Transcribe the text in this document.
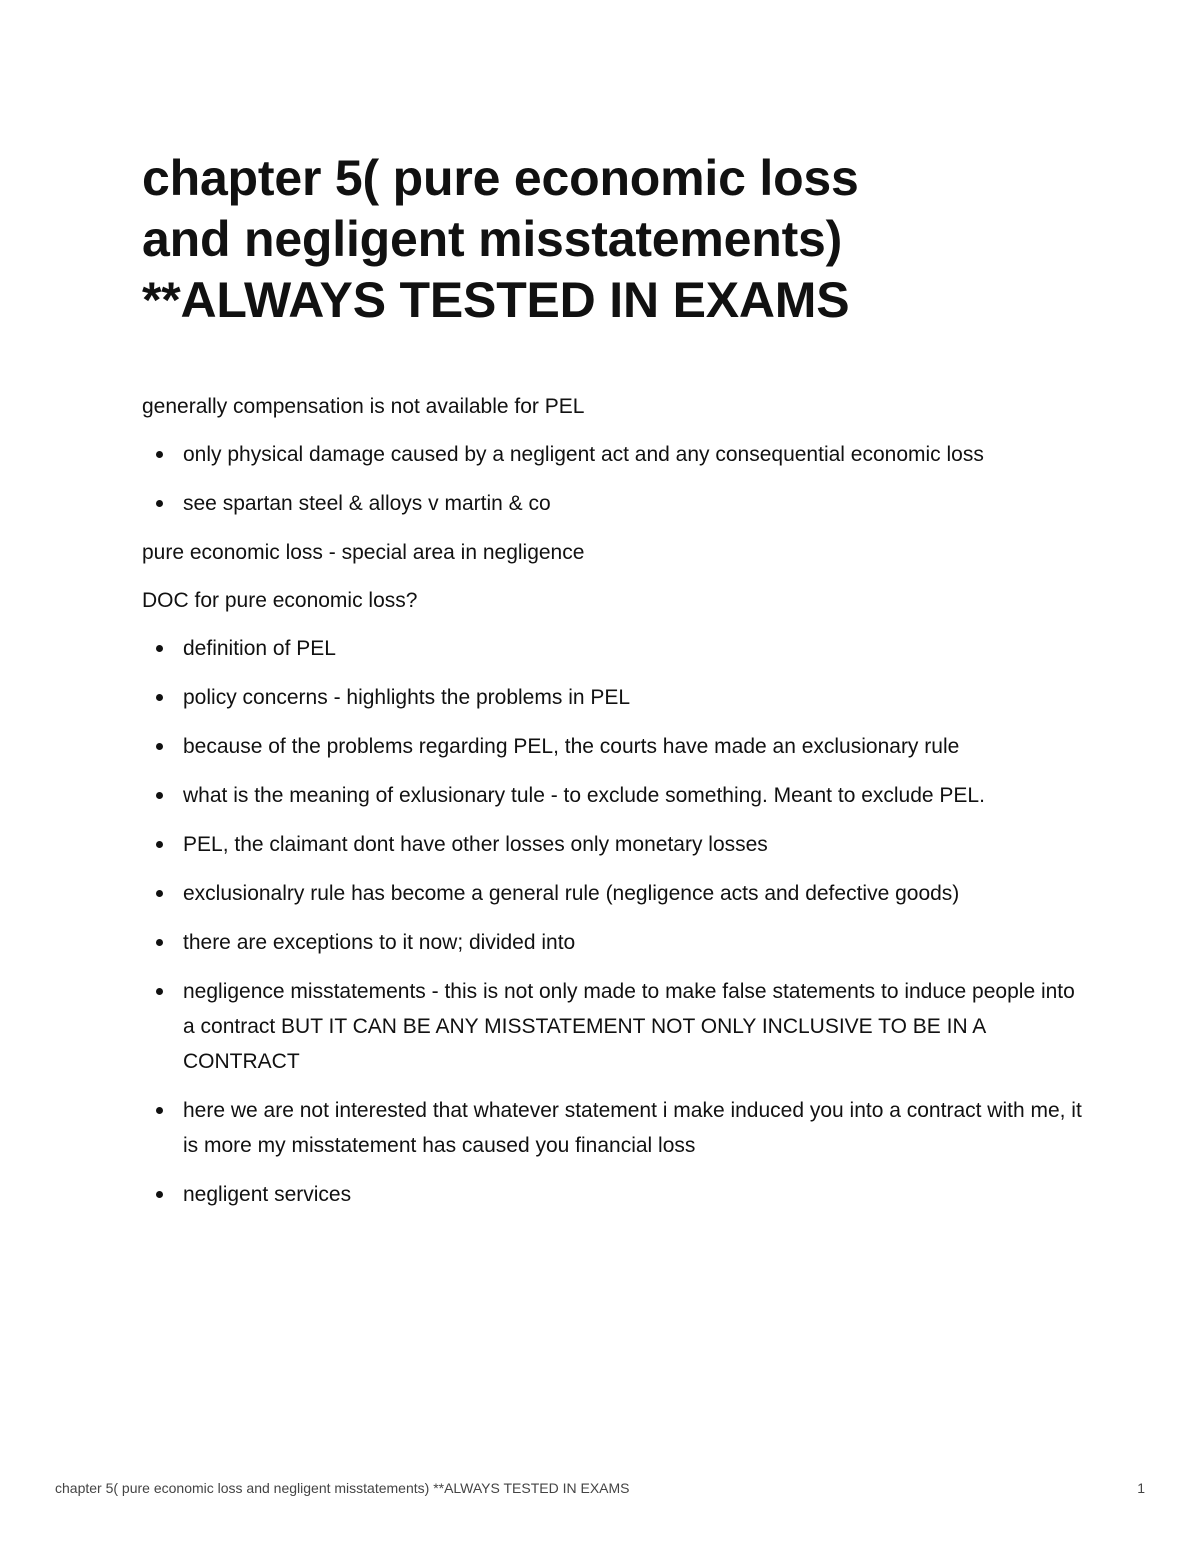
chapter 5( pure economic loss
and negligent misstatements)
**ALWAYS TESTED IN EXAMS

generally compensation is not available for PEL

only physical damage caused by a negligent act and any consequential economic loss
see spartan steel & alloys v martin & co

pure economic loss - special area in negligence

DOC for pure economic loss?

definition of PEL
policy concerns - highlights the problems in PEL
because of the problems regarding PEL, the courts have made an exclusionary rule
what is the meaning of exlusionary tule - to exclude something. Meant to exclude PEL.
PEL, the claimant dont have other losses only monetary losses
exclusionalry rule has become a general rule (negligence acts and defective goods)
there are exceptions to it now; divided into
negligence misstatements - this is not only made to make false statements to induce people into a contract BUT IT CAN BE ANY MISSTATEMENT NOT ONLY INCLUSIVE TO BE IN A CONTRACT
here we are not interested that whatever statement i make induced you into a contract with me, it is more my misstatement has caused you financial loss
negligent services
chapter 5( pure economic loss and negligent misstatements) **ALWAYS TESTED IN EXAMS	1
